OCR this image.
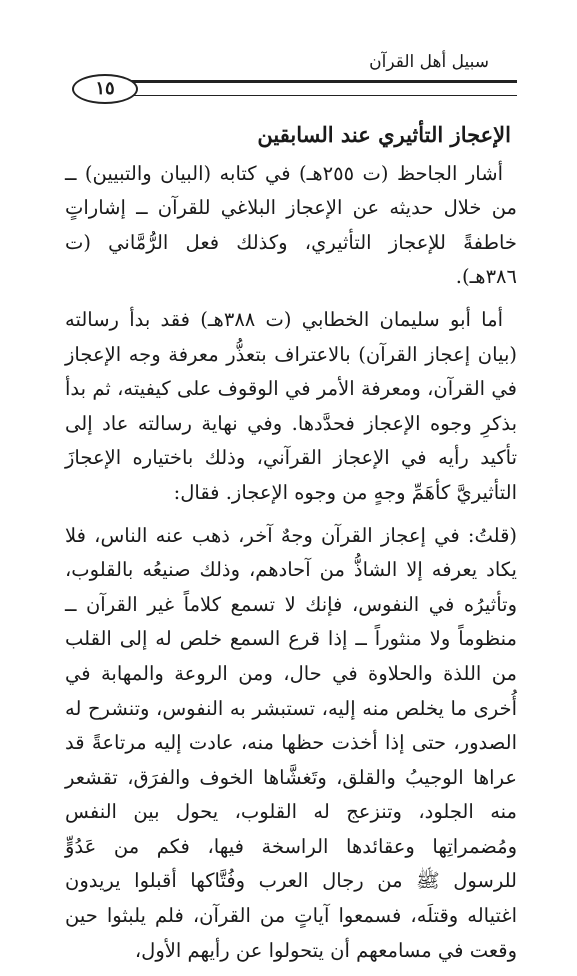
سبيل أهل القرآن
١٥
الإعجاز التأثيري عند السابقين

أشار الجاحظ (ت ٢٥٥هـ) في كتابه (البيان والتبيين) ــ من خلال حديثه عن الإعجاز البلاغي للقرآن ــ إشاراتٍ خاطفةً للإعجاز التأثيري، وكذلك فعل الرُّمَّاني (ت ٣٨٦هـ).

أما أبو سليمان الخطابي (ت ٣٨٨هـ) فقد بدأ رسالته (بيان إعجاز القرآن) بالاعتراف بتعذُّر معرفة وجه الإعجاز في القرآن، ومعرفة الأمر في الوقوف على كيفيته، ثم بدأ بذكرِ وجوه الإعجاز فحدَّدها. وفي نهاية رسالته عاد إلى تأكيد رأيه في الإعجاز القرآني، وذلك باختياره الإعجازَ التأثيريَّ كأهَمِّ وجهٍ من وجوه الإعجاز. فقال:

(قلتُ: في إعجاز القرآن وجهٌ آخر، ذهب عنه الناس، فلا يكاد يعرفه إلا الشاذُّ من آحادهم، وذلك صنيعُه بالقلوب، وتأثيرُه في النفوس، فإنك لا تسمع كلاماً غير القرآن ــ منظوماً ولا منثوراً ــ إذا قرع السمع خلص له إلى القلب من اللذة والحلاوة في حال، ومن الروعة والمهابة في أُخرى ما يخلص منه إليه، تستبشر به النفوس، وتنشرح له الصدور، حتى إذا أخذت حظها منه، عادت إليه مرتاعةً قد عراها الوجيبُ والقلق، وتَغشَّاها الخوف والفرَق، تقشعر منه الجلود، وتنزعج له القلوب، يحول بين النفس ومُضمراتِها وعقائدها الراسخة فيها، فكم من عَدُوٍّ للرسول ﷺ من رجال العرب وفُتَّاكها أقبلوا يريدون اغتياله وقتلَه، فسمعوا آياتٍ من القرآن، فلم يلبثوا حين وقعت في مسامعهم أن يتحولوا عن رأيهم الأول،
